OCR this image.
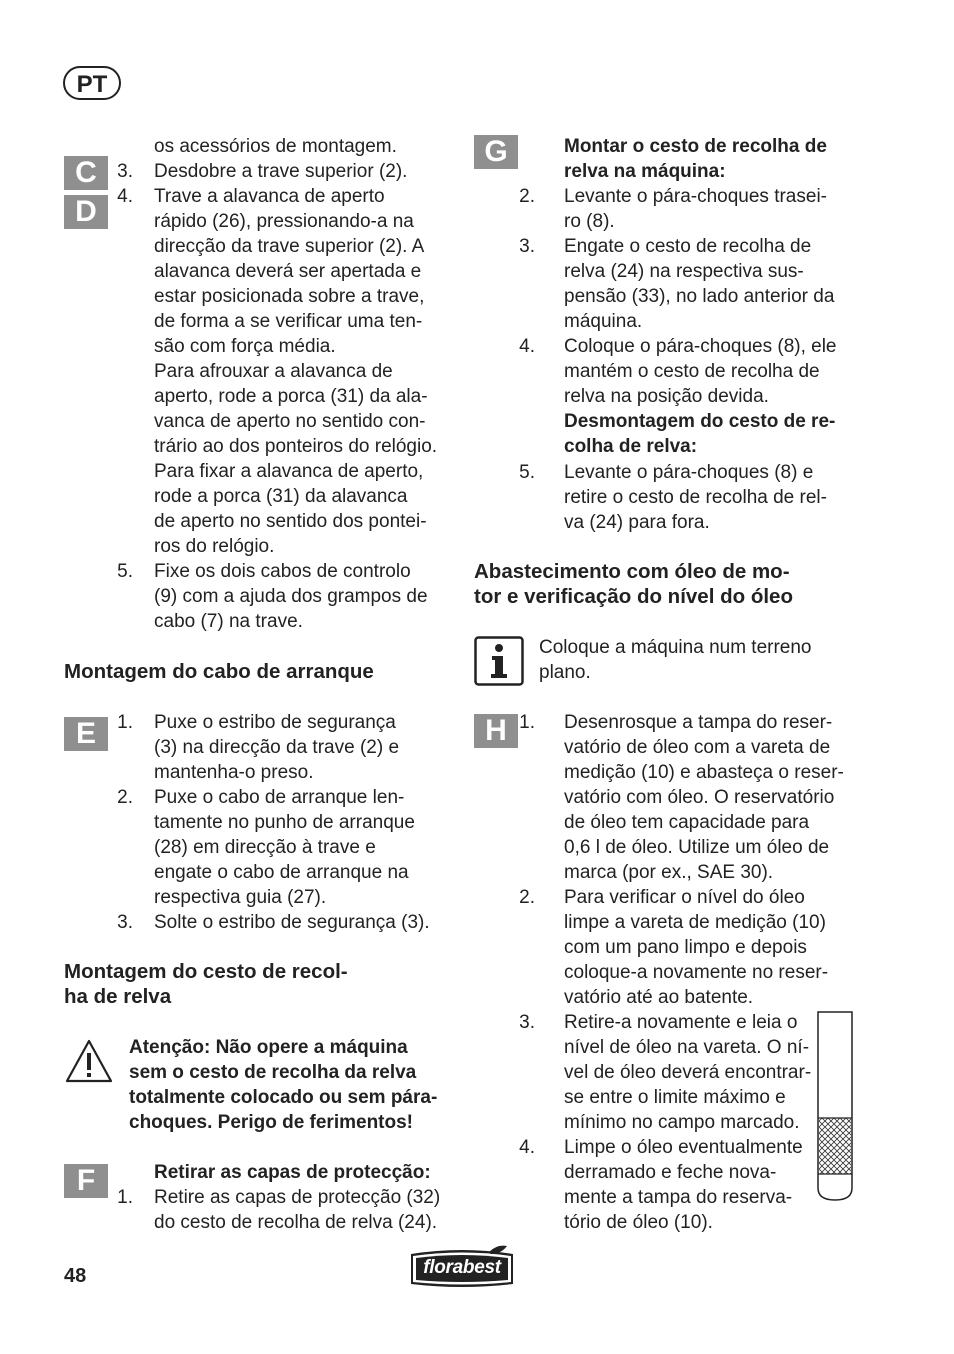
PT
C
D
E
F
G
H
os acessórios de montagem.
Montagem do cabo de arranque
Montagem do cesto de recol-
ha de relva
Atenção: Não opere a máquina
sem o cesto de recolha da relva
totalmente colocado ou sem pára-
choques. Perigo de ferimentos!
Retirar as capas de protecção:
Montar o cesto de recolha de
relva na máquina:
Desmontagem do cesto de re-
colha de relva:
Abastecimento com óleo de mo-
tor e verificação do nível do óleo
Coloque a máquina num terreno
plano.
48	florabest
3. Desdobre a trave superior (2).
4. Trave a alavanca de aperto
rápido (26), pressionando-a na
direcção da trave superior (2). A
alavanca deverá ser apertada e
estar posicionada sobre a trave,
de forma a se verificar uma ten-
são com força média.
Para afrouxar a alavanca de
aperto, rode a porca (31) da ala-
vanca de aperto no sentido con-
trário ao dos ponteiros do relógio.
Para fixar a alavanca de aperto,
rode a porca (31) da alavanca
de aperto no sentido dos pontei-
ros do relógio.
5. Fixe os dois cabos de controlo
(9) com a ajuda dos grampos de
cabo (7) na trave.
1. Puxe o estribo de segurança
(3) na direcção da trave (2) e
mantenha-o preso.
2. Puxe o cabo de arranque len-
tamente no punho de arranque
(28) em direcção à trave e
engate o cabo de arranque na
respectiva guia (27).
3. Solte o estribo de segurança (3).
1. Retire as capas de protecção (32)
do cesto de recolha de relva (24).
2. Levante o pára-choques trasei-
ro (8).
3. Engate o cesto de recolha de
relva (24) na respectiva sus-
pensão (33), no lado anterior da
máquina.
4. Coloque o pára-choques (8), ele
mantém o cesto de recolha de
relva na posição devida.
5. Levante o pára-choques (8) e
retire o cesto de recolha de rel-
va (24) para fora.
1. Desenrosque a tampa do reser-
vatório de óleo com a vareta de
medição (10) e abasteça o reser-
vatório com óleo. O reservatório
de óleo tem capacidade para
0,6 l de óleo. Utilize um óleo de
marca (por ex., SAE 30).
2. Para verificar o nível do óleo
limpe a vareta de medição (10)
com um pano limpo e depois
coloque-a novamente no reser-
vatório até ao batente.
3. Retire-a novamente e leia o
nível de óleo na vareta. O ní-
vel de óleo deverá encontrar-
se entre o limite máximo e
mínimo no campo marcado.
4. Limpe o óleo eventualmente
derramado e feche nova-
mente a tampa do reserva-
tório de óleo (10).
